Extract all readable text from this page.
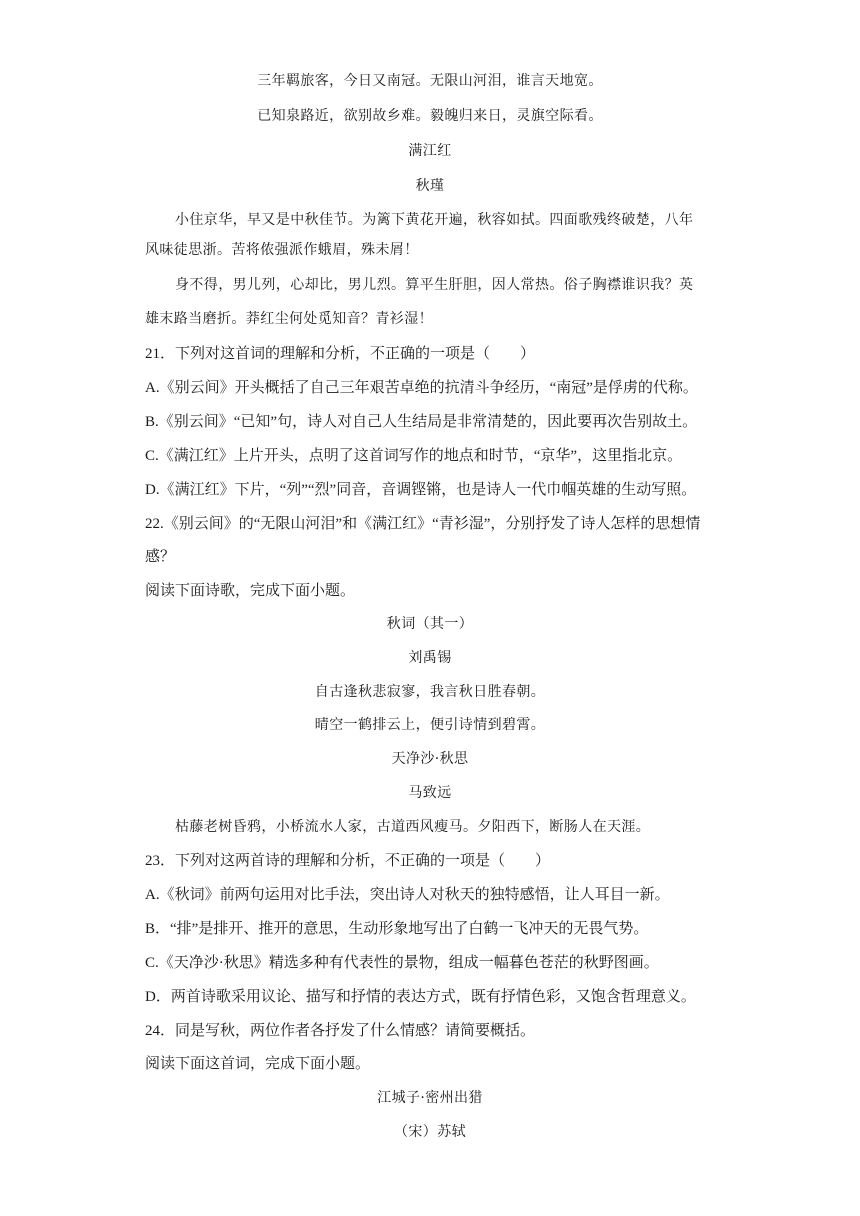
三年羁旅客，今日又南冠。无限山河泪，谁言天地宽。
已知泉路近，欲别故乡难。毅魄归来日，灵旗空际看。
满江红
秋瑾
小住京华，早又是中秋佳节。为篱下黄花开遍，秋容如拭。四面歌残终破楚，八年
风味徒思浙。苦将侬强派作蛾眉，殊未屑！
身不得，男儿列，心却比，男儿烈。算平生肝胆，因人常热。俗子胸襟谁识我？英
雄末路当磨折。莽红尘何处觅知音？青衫湿！
21．下列对这首词的理解和分析，不正确的一项是（　　）
A.《别云间》开头概括了自己三年艰苦卓绝的抗清斗争经历，“南冠”是俘虏的代称。
B.《别云间》“已知”句，诗人对自己人生结局是非常清楚的，因此要再次告别故土。
C.《满江红》上片开头，点明了这首词写作的地点和时节，“京华”，这里指北京。
D.《满江红》下片，“列”“烈”同音，音调铿锵，也是诗人一代巾帼英雄的生动写照。
22.《别云间》的“无限山河泪”和《满江红》“青衫湿”，分别抒发了诗人怎样的思想情
感？
阅读下面诗歌，完成下面小题。
秋词（其一）
刘禹锡
自古逢秋悲寂寥，我言秋日胜春朝。
晴空一鹤排云上，便引诗情到碧霄。
天净沙·秋思
马致远
枯藤老树昏鸦，小桥流水人家，古道西风瘦马。夕阳西下，断肠人在天涯。
23．下列对这两首诗的理解和分析，不正确的一项是（　　）
A.《秋词》前两句运用对比手法，突出诗人对秋天的独特感悟，让人耳目一新。
B．“排”是排开、推开的意思，生动形象地写出了白鹤一飞冲天的无畏气势。
C.《天净沙·秋思》精选多种有代表性的景物，组成一幅暮色苍茫的秋野图画。
D．两首诗歌采用议论、描写和抒情的表达方式，既有抒情色彩，又饱含哲理意义。
24．同是写秋，两位作者各抒发了什么情感？请简要概括。
阅读下面这首词，完成下面小题。
江城子·密州出猎
（宋）苏轼
